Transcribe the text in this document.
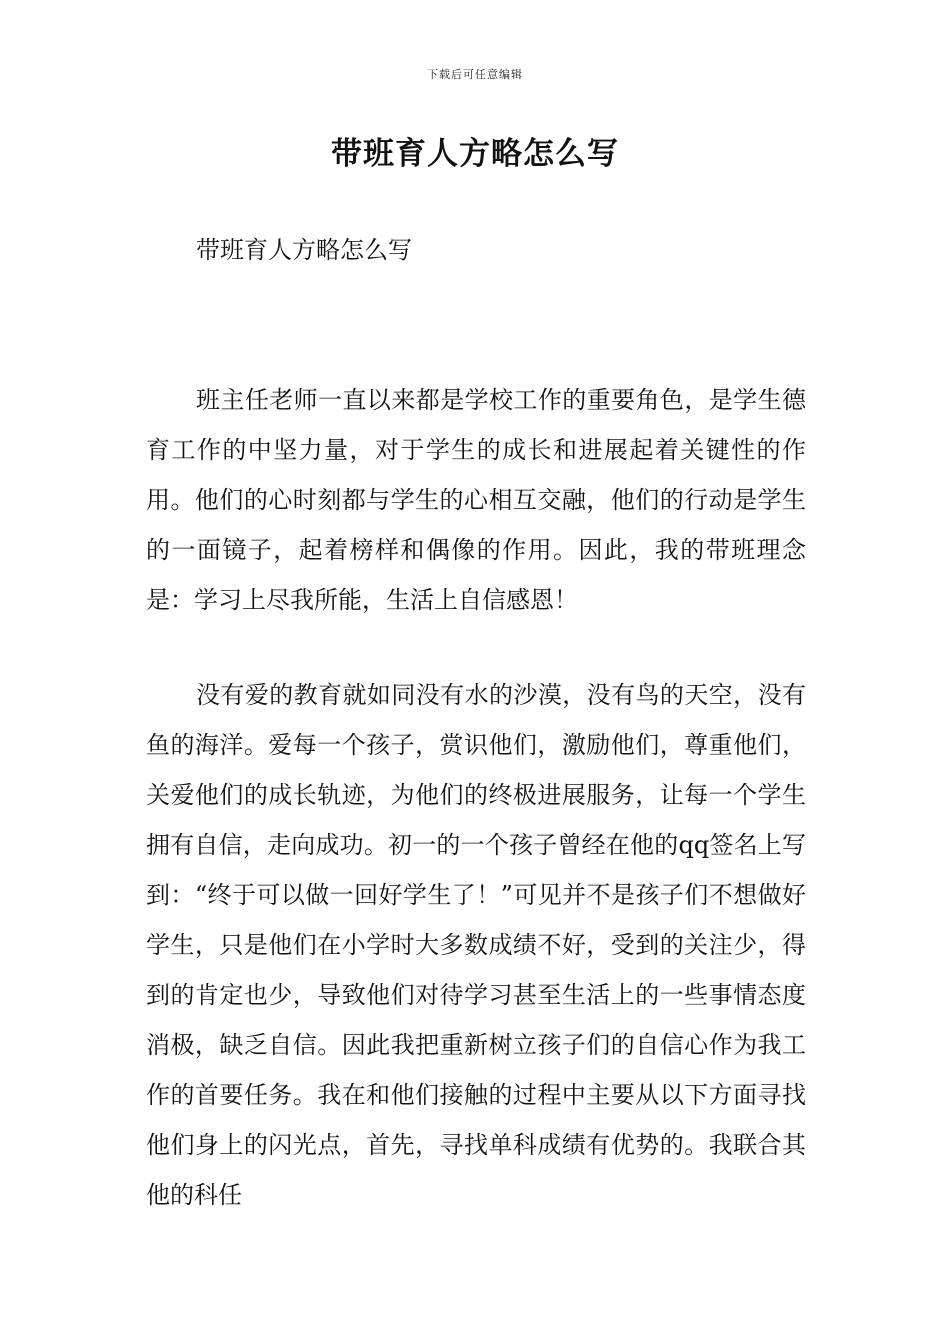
下载后可任意编辑
带班育人方略怎么写

带班育人方略怎么写

班主任老师一直以来都是学校工作的重要角色，是学生德育工作的中坚力量，对于学生的成长和进展起着关键性的作用。他们的心时刻都与学生的心相互交融，他们的行动是学生的一面镜子，起着榜样和偶像的作用。因此，我的带班理念是：学习上尽我所能，生活上自信感恩！

没有爱的教育就如同没有水的沙漠，没有鸟的天空，没有鱼的海洋。爱每一个孩子，赏识他们，激励他们，尊重他们，关爱他们的成长轨迹，为他们的终极进展服务，让每一个学生拥有自信，走向成功。初一的一个孩子曾经在他的qq签名上写到：“终于可以做一回好学生了！”可见并不是孩子们不想做好学生，只是他们在小学时大多数成绩不好，受到的关注少，得到的肯定也少，导致他们对待学习甚至生活上的一些事情态度消极，缺乏自信。因此我把重新树立孩子们的自信心作为我工作的首要任务。我在和他们接触的过程中主要从以下方面寻找他们身上的闪光点，首先，寻找单科成绩有优势的。我联合其他的科任
